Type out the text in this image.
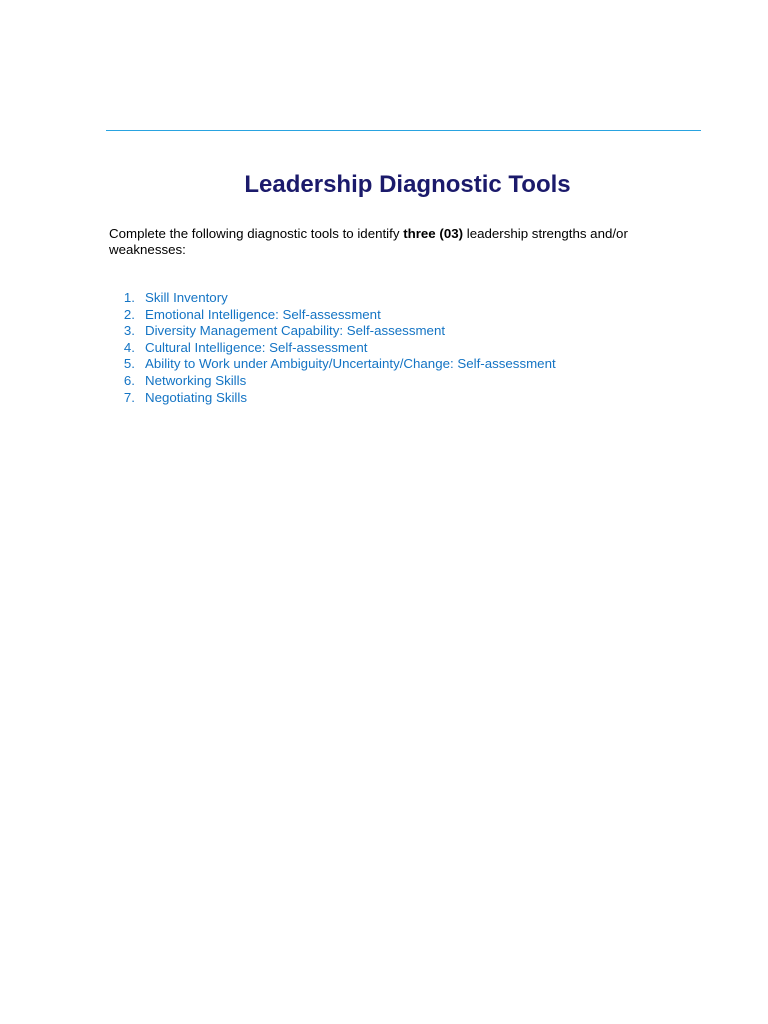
Leadership Diagnostic Tools

Complete the following diagnostic tools to identify three (03) leadership strengths and/or weaknesses:

1. Skill Inventory
2. Emotional Intelligence: Self-assessment
3. Diversity Management Capability: Self-assessment
4. Cultural Intelligence: Self-assessment
5. Ability to Work under Ambiguity/Uncertainty/Change: Self-assessment
6. Networking Skills
7. Negotiating Skills
